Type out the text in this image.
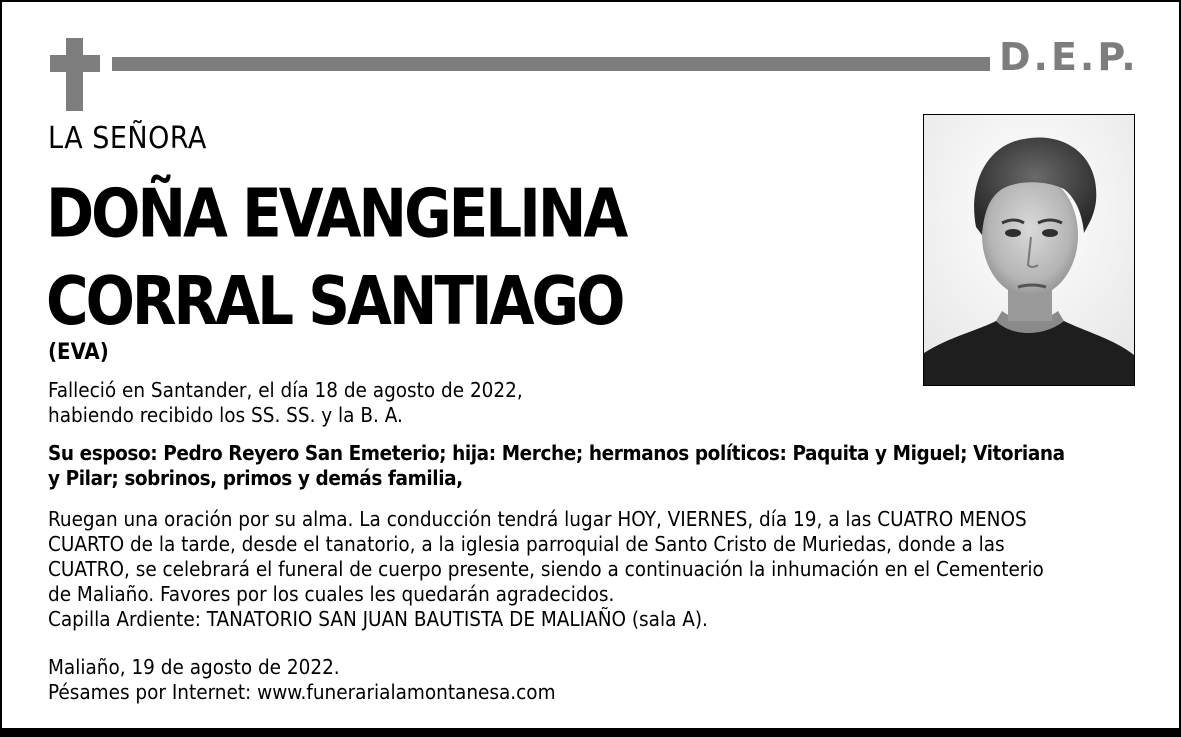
D.E.P.
LA SEÑORA
DOÑA EVANGELINA
CORRAL SANTIAGO
(EVA)
Falleció en Santander, el día 18 de agosto de 2022,
habiendo recibido los SS. SS. y la B. A.
Su esposo: Pedro Reyero San Emeterio; hija: Merche; hermanos políticos: Paquita y Miguel; Vitoriana
y Pilar; sobrinos, primos y demás familia,
Ruegan una oración por su alma. La conducción tendrá lugar HOY, VIERNES, día 19, a las CUATRO MENOS
CUARTO de la tarde, desde el tanatorio, a la iglesia parroquial de Santo Cristo de Muriedas, donde a las
CUATRO, se celebrará el funeral de cuerpo presente, siendo a continuación la inhumación en el Cementerio
de Maliaño. Favores por los cuales les quedarán agradecidos.
Capilla Ardiente: TANATORIO SAN JUAN BAUTISTA DE MALIAÑO (sala A).
Maliaño, 19 de agosto de 2022.
Pésames por Internet: www.funerarialamontanesa.com
